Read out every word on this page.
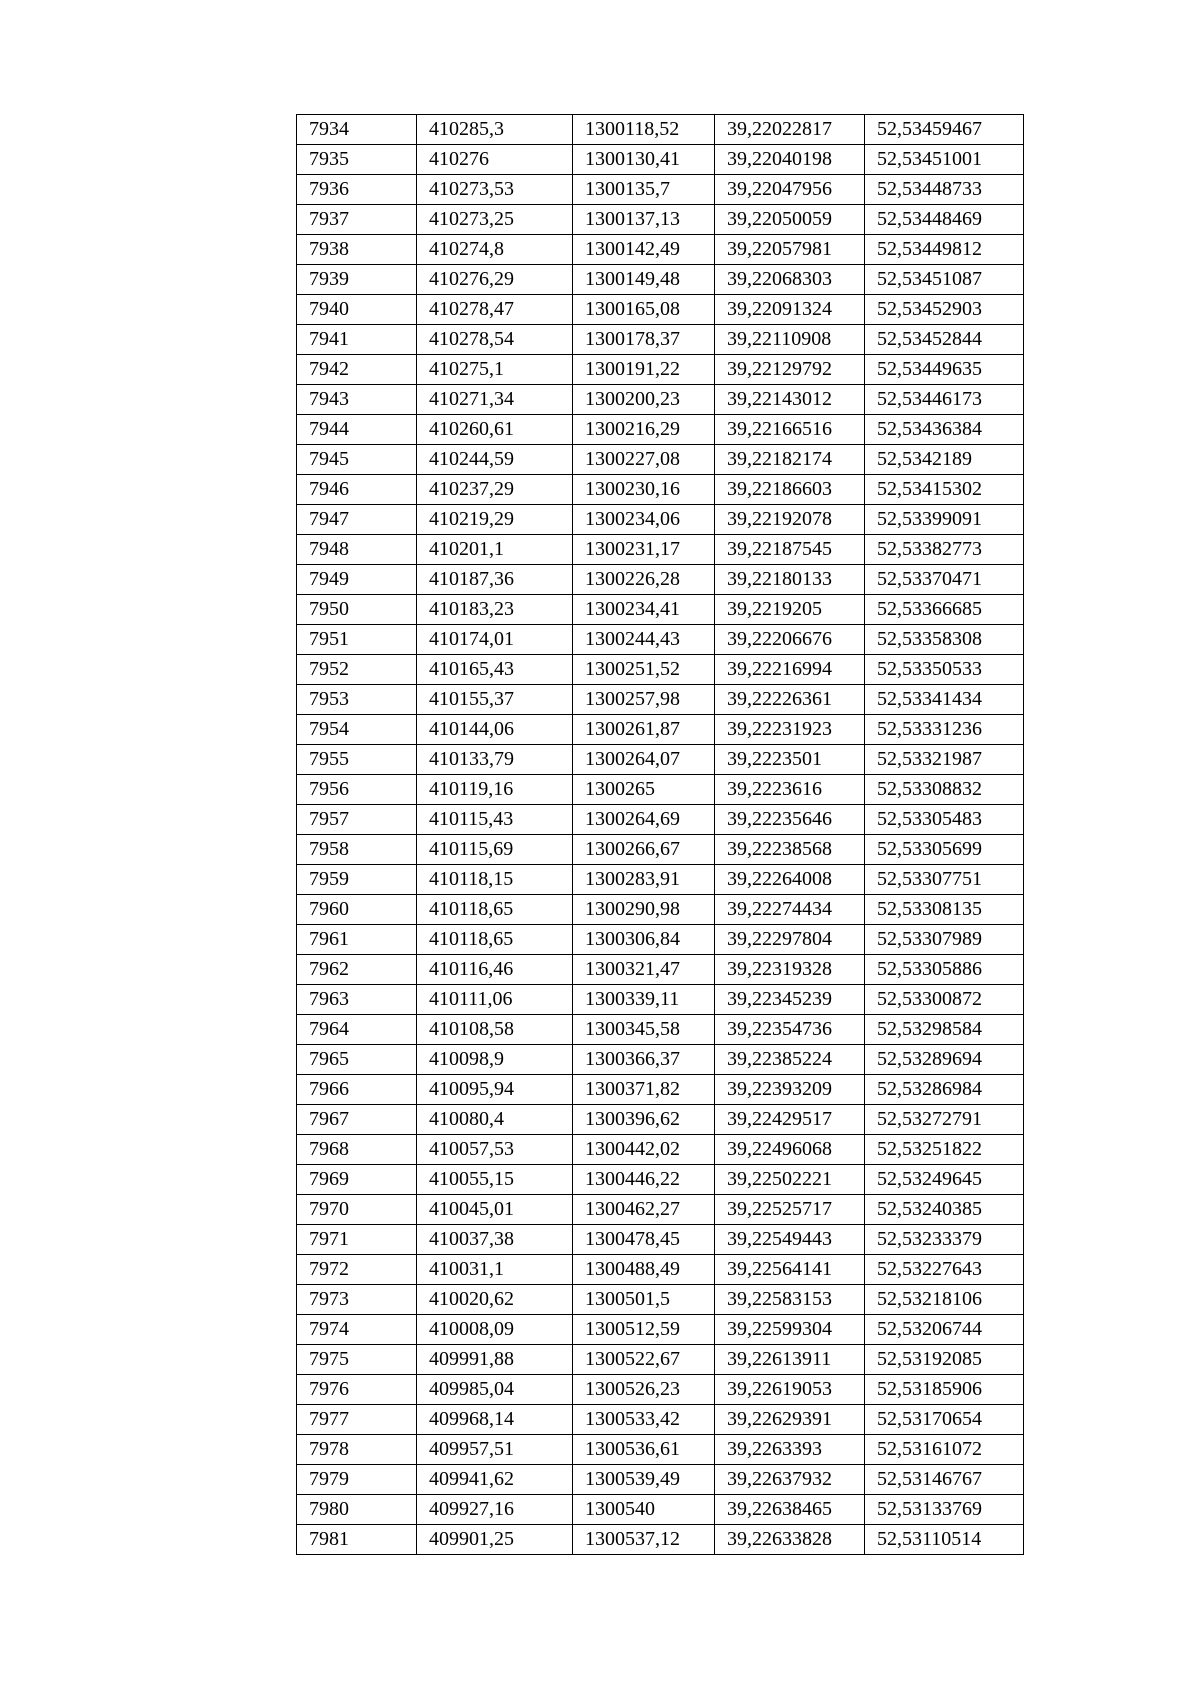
7934	410285,3	1300118,52	39,22022817	52,53459467
7935	410276	1300130,41	39,22040198	52,53451001
7936	410273,53	1300135,7	39,22047956	52,53448733
7937	410273,25	1300137,13	39,22050059	52,53448469
7938	410274,8	1300142,49	39,22057981	52,53449812
7939	410276,29	1300149,48	39,22068303	52,53451087
7940	410278,47	1300165,08	39,22091324	52,53452903
7941	410278,54	1300178,37	39,22110908	52,53452844
7942	410275,1	1300191,22	39,22129792	52,53449635
7943	410271,34	1300200,23	39,22143012	52,53446173
7944	410260,61	1300216,29	39,22166516	52,53436384
7945	410244,59	1300227,08	39,22182174	52,5342189
7946	410237,29	1300230,16	39,22186603	52,53415302
7947	410219,29	1300234,06	39,22192078	52,53399091
7948	410201,1	1300231,17	39,22187545	52,53382773
7949	410187,36	1300226,28	39,22180133	52,53370471
7950	410183,23	1300234,41	39,2219205	52,53366685
7951	410174,01	1300244,43	39,22206676	52,53358308
7952	410165,43	1300251,52	39,22216994	52,53350533
7953	410155,37	1300257,98	39,22226361	52,53341434
7954	410144,06	1300261,87	39,22231923	52,53331236
7955	410133,79	1300264,07	39,2223501	52,53321987
7956	410119,16	1300265	39,2223616	52,53308832
7957	410115,43	1300264,69	39,22235646	52,53305483
7958	410115,69	1300266,67	39,22238568	52,53305699
7959	410118,15	1300283,91	39,22264008	52,53307751
7960	410118,65	1300290,98	39,22274434	52,53308135
7961	410118,65	1300306,84	39,22297804	52,53307989
7962	410116,46	1300321,47	39,22319328	52,53305886
7963	410111,06	1300339,11	39,22345239	52,53300872
7964	410108,58	1300345,58	39,22354736	52,53298584
7965	410098,9	1300366,37	39,22385224	52,53289694
7966	410095,94	1300371,82	39,22393209	52,53286984
7967	410080,4	1300396,62	39,22429517	52,53272791
7968	410057,53	1300442,02	39,22496068	52,53251822
7969	410055,15	1300446,22	39,22502221	52,53249645
7970	410045,01	1300462,27	39,22525717	52,53240385
7971	410037,38	1300478,45	39,22549443	52,53233379
7972	410031,1	1300488,49	39,22564141	52,53227643
7973	410020,62	1300501,5	39,22583153	52,53218106
7974	410008,09	1300512,59	39,22599304	52,53206744
7975	409991,88	1300522,67	39,22613911	52,53192085
7976	409985,04	1300526,23	39,22619053	52,53185906
7977	409968,14	1300533,42	39,22629391	52,53170654
7978	409957,51	1300536,61	39,2263393	52,53161072
7979	409941,62	1300539,49	39,22637932	52,53146767
7980	409927,16	1300540	39,22638465	52,53133769
7981	409901,25	1300537,12	39,22633828	52,53110514
